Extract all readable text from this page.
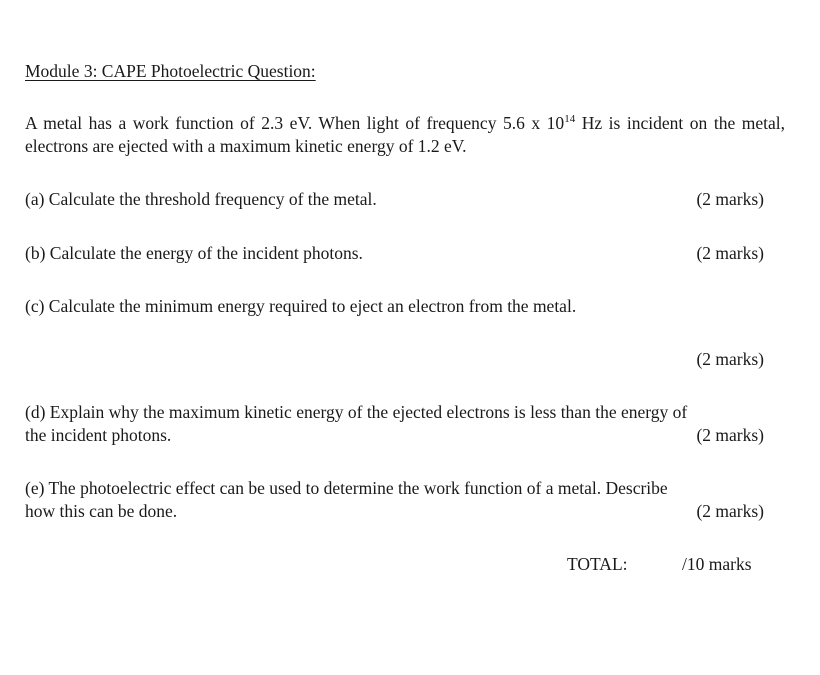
Module 3: CAPE Photoelectric Question:
A metal has a work function of 2.3 eV. When light of frequency 5.6 x $10^{14}$ Hz is incident on the metal, electrons are ejected with a maximum kinetic energy of 1.2 eV.
(a) Calculate the threshold frequency of the metal.	(2 marks)
(b) Calculate the energy of the incident photons.	(2 marks)
(c) Calculate the minimum energy required to eject an electron from the metal.
(2 marks)
(d) Explain why the maximum kinetic energy of the ejected electrons is less than the energy of
the incident photons.	(2 marks)
(e) The photoelectric effect can be used to determine the work function of a metal. Describe
how this can be done.	(2 marks)
TOTAL:	/10 marks
